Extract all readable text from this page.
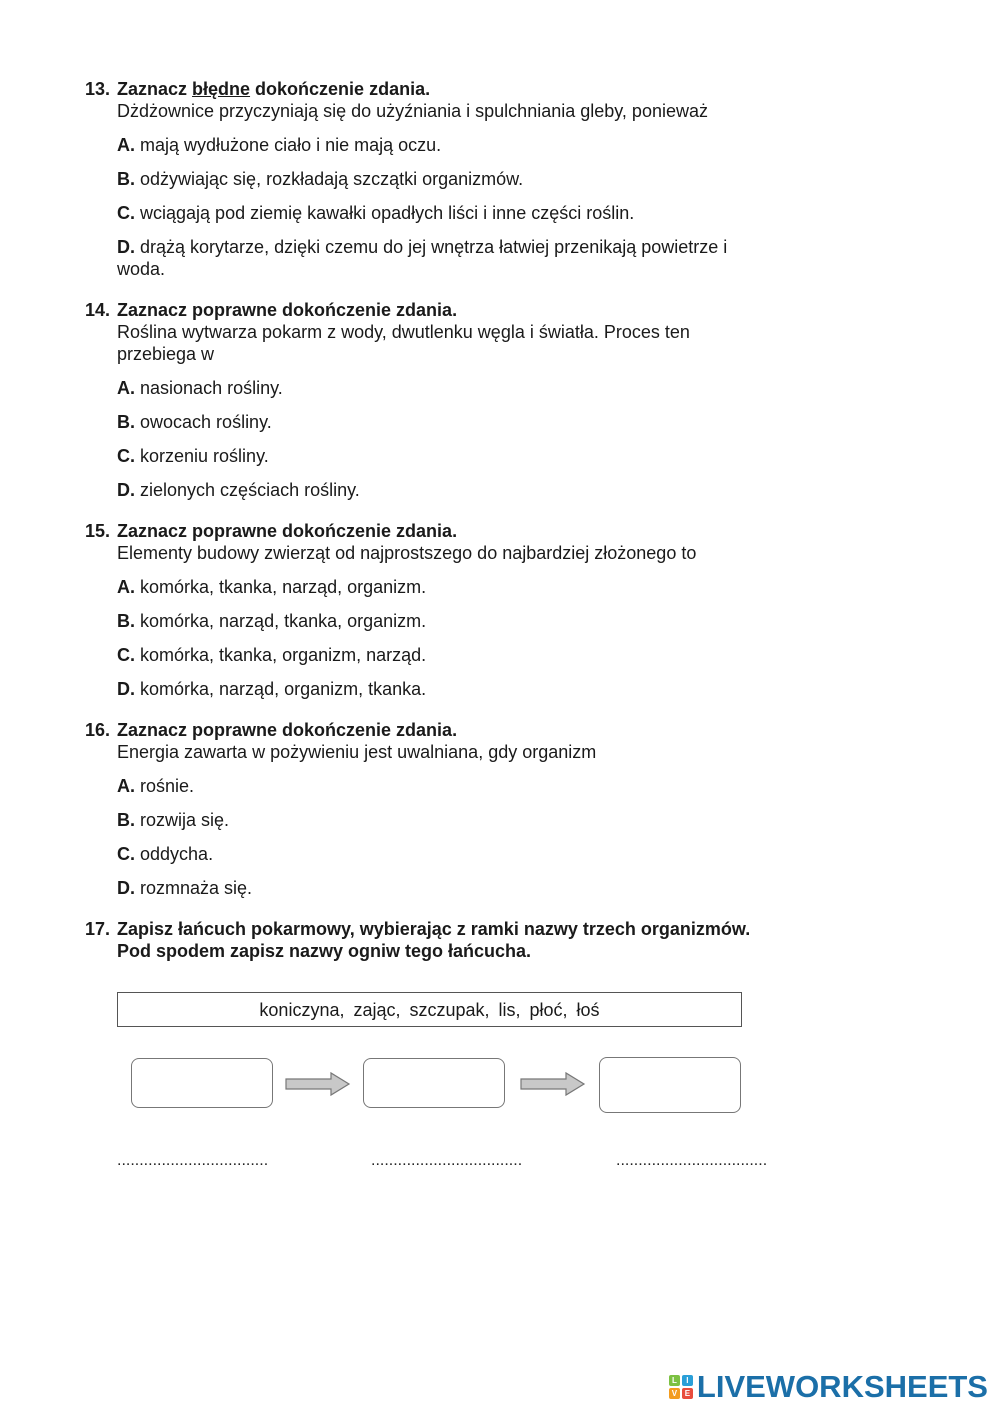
13. Zaznacz błędne dokończenie zdania.
Dżdżownice przyczyniają się do użyźniania i spulchniania gleby, ponieważ
A. mają wydłużone ciało i nie mają oczu.
B. odżywiając się, rozkładają szczątki organizmów.
C. wciągają pod ziemię kawałki opadłych liści i inne części roślin.
D. drążą korytarze, dzięki czemu do jej wnętrza łatwiej przenikają powietrze i woda.
14. Zaznacz poprawne dokończenie zdania.
Roślina wytwarza pokarm z wody, dwutlenku węgla i światła. Proces ten przebiega w
A. nasionach rośliny.
B. owocach rośliny.
C. korzeniu rośliny.
D. zielonych częściach rośliny.
15. Zaznacz poprawne dokończenie zdania.
Elementy budowy zwierząt od najprostszego do najbardziej złożonego to
A. komórka, tkanka, narząd, organizm.
B. komórka, narząd, tkanka, organizm.
C. komórka, tkanka, organizm, narząd.
D. komórka, narząd, organizm, tkanka.
16. Zaznacz poprawne dokończenie zdania.
Energia zawarta w pożywieniu jest uwalniana, gdy organizm
A. rośnie.
B. rozwija się.
C. oddycha.
D. rozmnaża się.
17. Zapisz łańcuch pokarmowy, wybierając z ramki nazwy trzech organizmów.
Pod spodem zapisz nazwy ogniw tego łańcucha.
koniczyna, zając, szczupak, lis, płoć, łoś
..................................	..................................	..................................
L	I
V E LIVEWORKSHEETS
